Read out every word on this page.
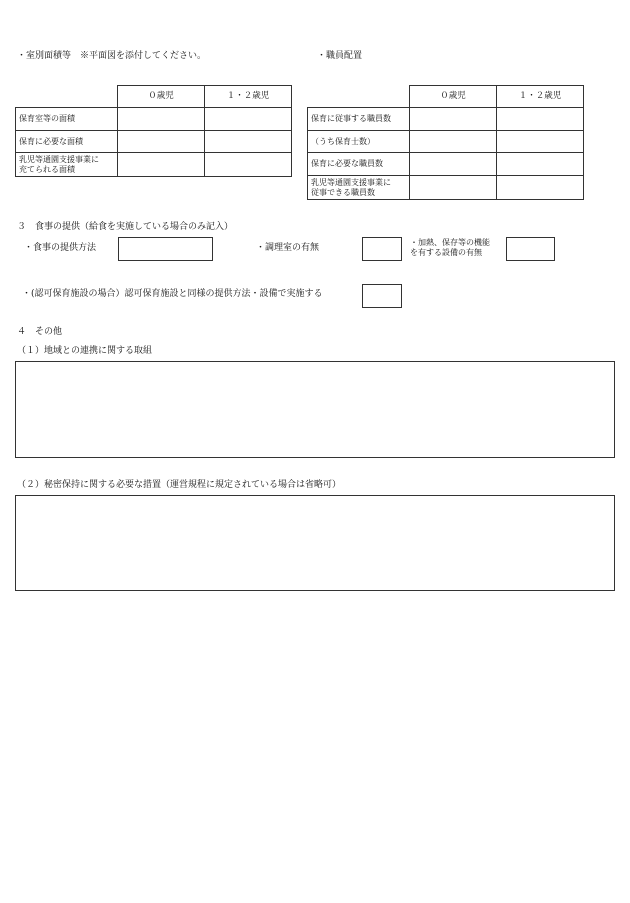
・室別面積等　※平面図を添付してください。
	０歳児	１・２歳児
保育室等の面積		
保育に必要な面積		
乳児等通園支援事業に
充てられる面積		
・職員配置
	０歳児	１・２歳児
保育に従事する職員数		
（うち保育士数）		
保育に必要な職員数		
乳児等通園支援事業に
従事できる職員数		
３　食事の提供（給食を実施している場合のみ記入）
・食事の提供方法	・調理室の有無
・加熱、保存等の機能
を有する設備の有無
・(認可保育施設の場合）認可保育施設と同様の提供方法・設備で実施する
４　その他
（１）地域との連携に関する取組
（２）秘密保持に関する必要な措置（運営規程に規定されている場合は省略可）
